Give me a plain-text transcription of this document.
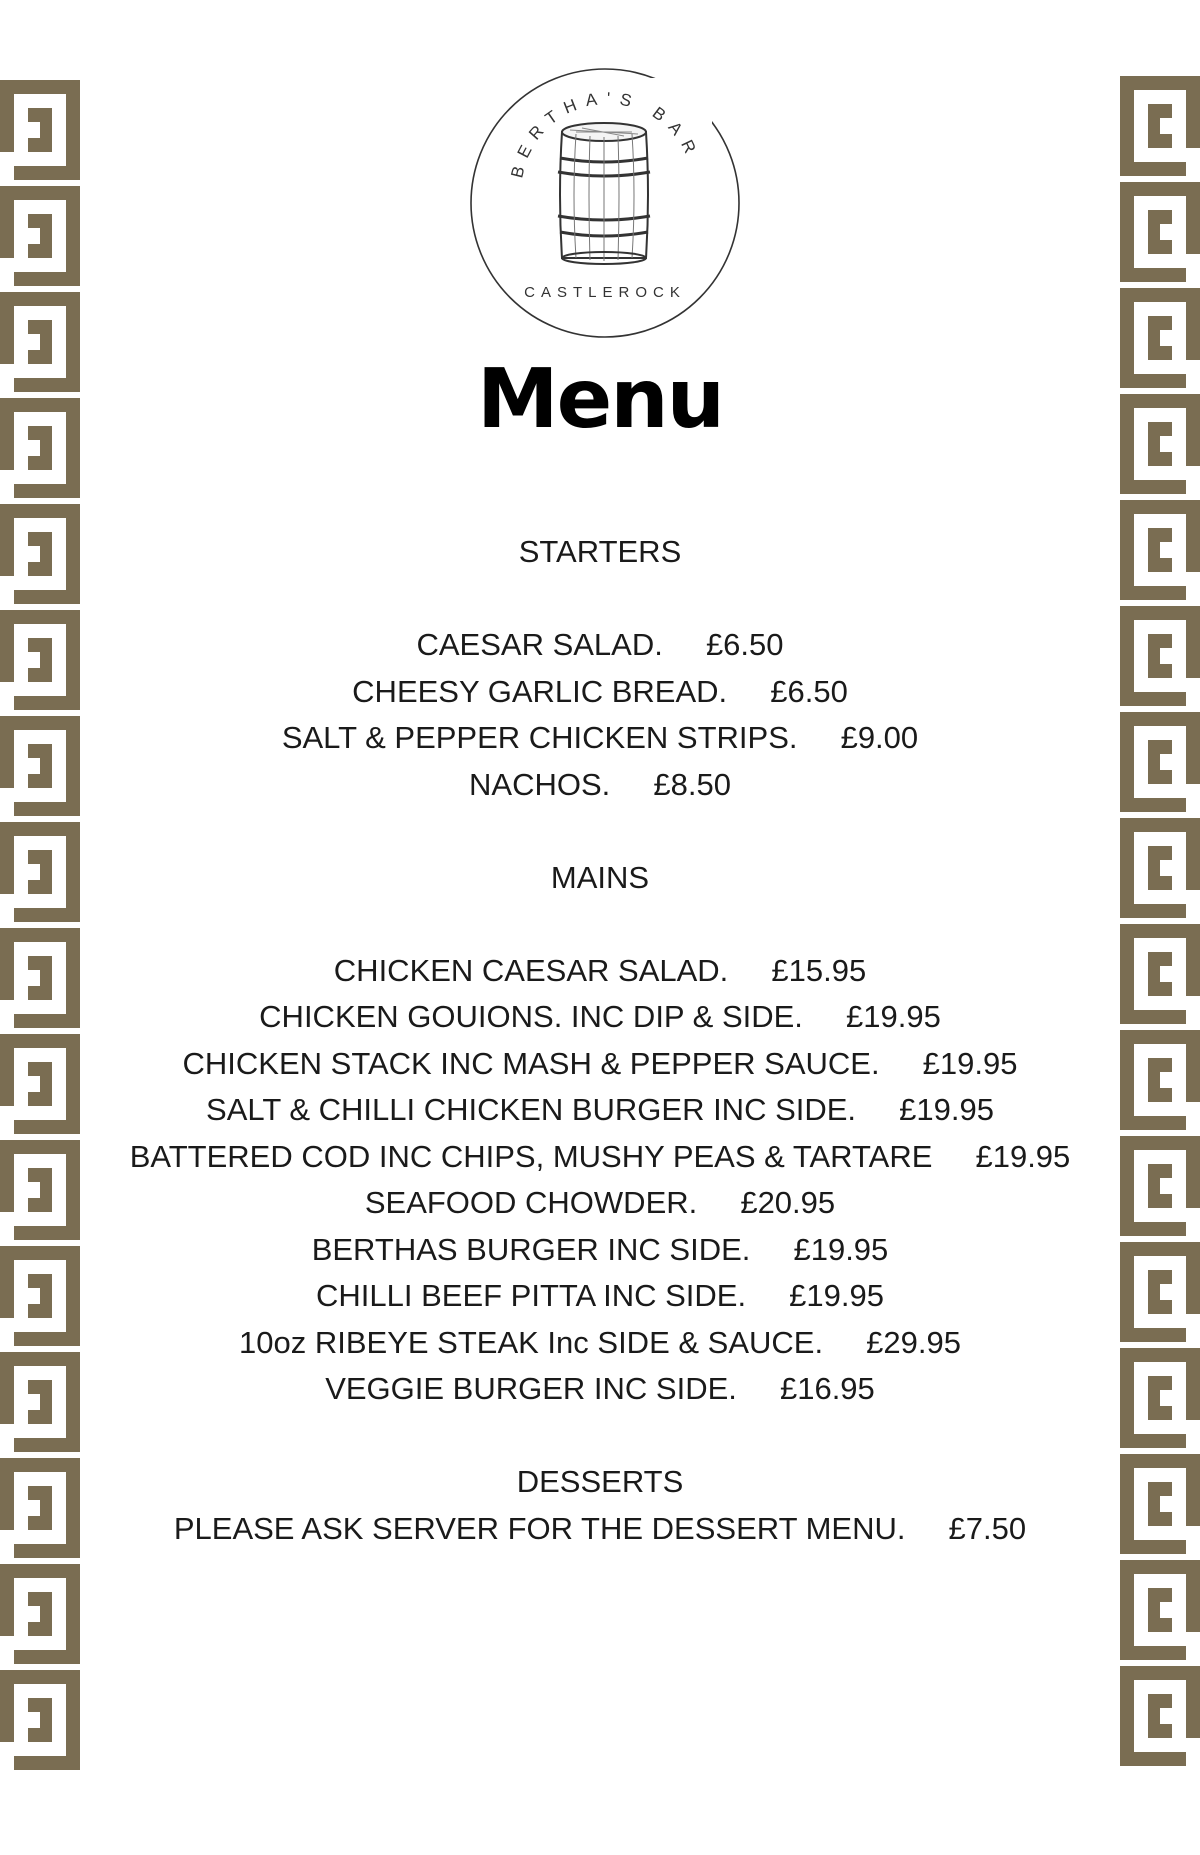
BERTHA'S BAR
CASTLEROCK
Menu
STARTERS
CAESAR SALAD. £6.50
CHEESY GARLIC BREAD. £6.50
SALT & PEPPER CHICKEN STRIPS. £9.00
NACHOS. £8.50
MAINS
CHICKEN CAESAR SALAD. £15.95
CHICKEN GOUIONS. INC DIP & SIDE. £19.95
CHICKEN STACK INC MASH & PEPPER SAUCE. £19.95
SALT & CHILLI CHICKEN BURGER INC SIDE. £19.95
BATTERED COD INC CHIPS, MUSHY PEAS & TARTARE £19.95
SEAFOOD CHOWDER. £20.95
BERTHAS BURGER INC SIDE. £19.95
CHILLI BEEF PITTA INC SIDE. £19.95
10oz RIBEYE STEAK Inc SIDE & SAUCE. £29.95
VEGGIE BURGER INC SIDE. £16.95
DESSERTS
PLEASE ASK SERVER FOR THE DESSERT MENU. £7.50
